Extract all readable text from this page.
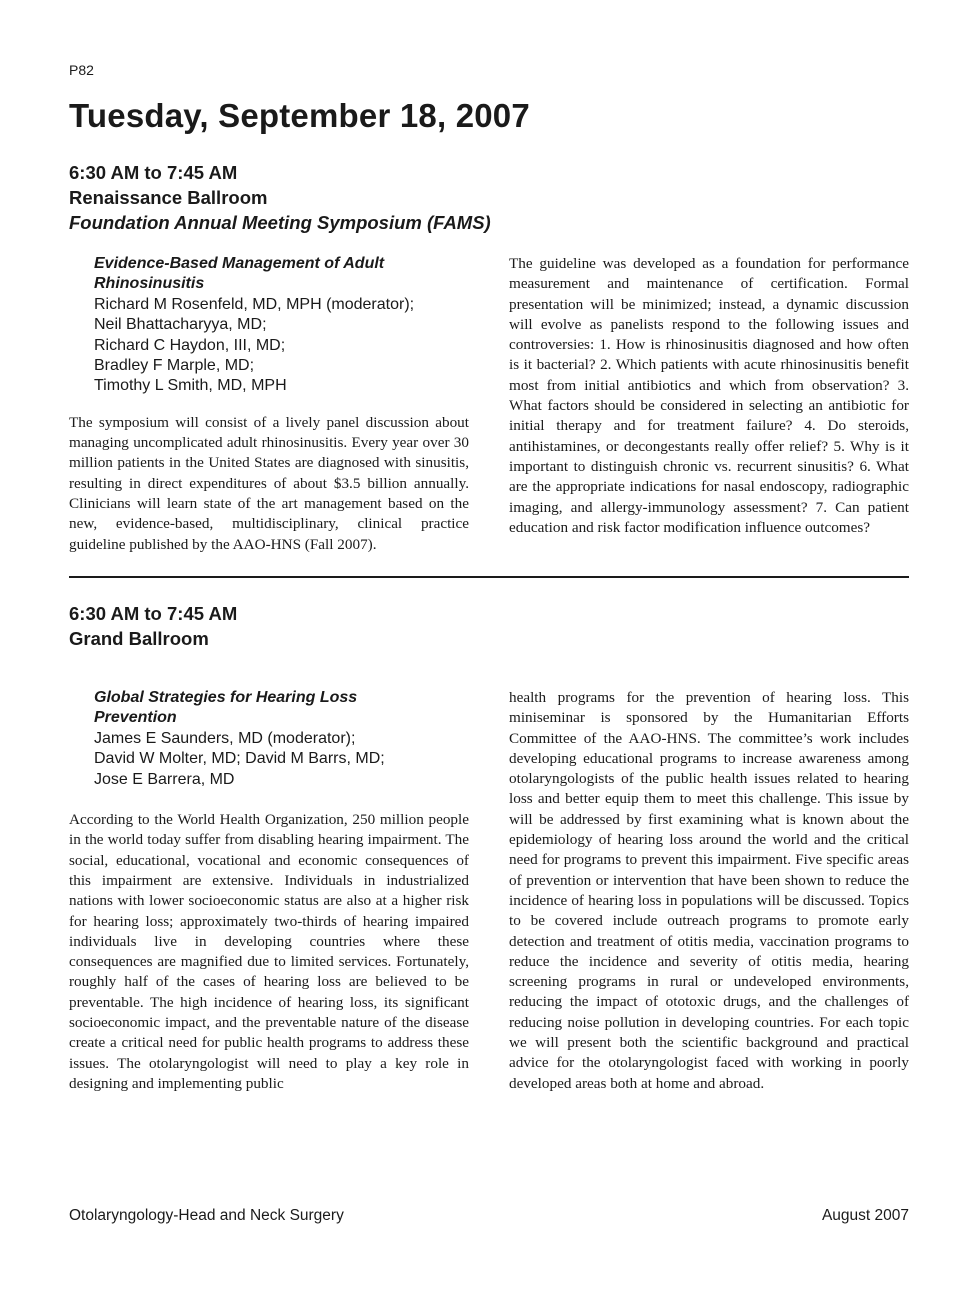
P82
Tuesday, September 18, 2007
6:30 AM to 7:45 AM
Renaissance Ballroom
Foundation Annual Meeting Symposium (FAMS)
Evidence-Based Management of Adult
Rhinosinusitis
Richard M Rosenfeld, MD, MPH (moderator);
Neil Bhattacharyya, MD;
Richard C Haydon, III, MD;
Bradley F Marple, MD;
Timothy L Smith, MD, MPH

The symposium will consist of a lively panel discussion about managing uncomplicated adult rhinosinusitis. Every year over 30 million patients in the United States are diagnosed with sinusitis, resulting in direct expenditures of about $3.5 billion annually. Clinicians will learn state of the art management based on the new, evidence-based, multidisciplinary, clinical practice guideline published by the AAO-HNS (Fall 2007).

The guideline was developed as a foundation for performance measurement and maintenance of certification. Formal presentation will be minimized; instead, a dynamic discussion will evolve as panelists respond to the following issues and controversies: 1. How is rhinosinusitis diagnosed and how often is it bacterial? 2. Which patients with acute rhinosinusitis benefit most from initial antibiotics and which from observation? 3. What factors should be considered in selecting an antibiotic for initial therapy and for treatment failure? 4. Do steroids, antihistamines, or decongestants really offer relief? 5. Why is it important to distinguish chronic vs. recurrent sinusitis? 6. What are the appropriate indications for nasal endoscopy, radiographic imaging, and allergy-immunology assessment? 7. Can patient education and risk factor modification influence outcomes?

6:30 AM to 7:45 AM
Grand Ballroom
Global Strategies for Hearing Loss
Prevention
James E Saunders, MD (moderator);
David W Molter, MD; David M Barrs, MD;
Jose E Barrera, MD

According to the World Health Organization, 250 million people in the world today suffer from disabling hearing impairment. The social, educational, vocational and economic consequences of this impairment are extensive. Individuals in industrialized nations with lower socioeconomic status are also at a higher risk for hearing loss; approximately two-thirds of hearing impaired individuals live in developing countries where these consequences are magnified due to limited services. Fortunately, roughly half of the cases of hearing loss are believed to be preventable. The high incidence of hearing loss, its significant socioeconomic impact, and the preventable nature of the disease create a critical need for public health programs to address these issues. The otolaryngologist will need to play a key role in designing and implementing public

health programs for the prevention of hearing loss. This miniseminar is sponsored by the Humanitarian Efforts Committee of the AAO-HNS. The committee’s work includes developing educational programs to increase awareness among otolaryngologists of the public health issues related to hearing loss and better equip them to meet this challenge. This issue by will be addressed by first examining what is known about the epidemiology of hearing loss around the world and the critical need for programs to prevent this impairment. Five specific areas of prevention or intervention that have been shown to reduce the incidence of hearing loss in populations will be discussed. Topics to be covered include outreach programs to promote early detection and treatment of otitis media, vaccination programs to reduce the incidence and severity of otitis media, hearing screening programs in rural or undeveloped environments, reducing the impact of ototoxic drugs, and the challenges of reducing noise pollution in developing countries. For each topic we will present both the scientific background and practical advice for the otolaryngologist faced with working in poorly developed areas both at home and abroad.

Otolaryngology-Head and Neck Surgery	August 2007
